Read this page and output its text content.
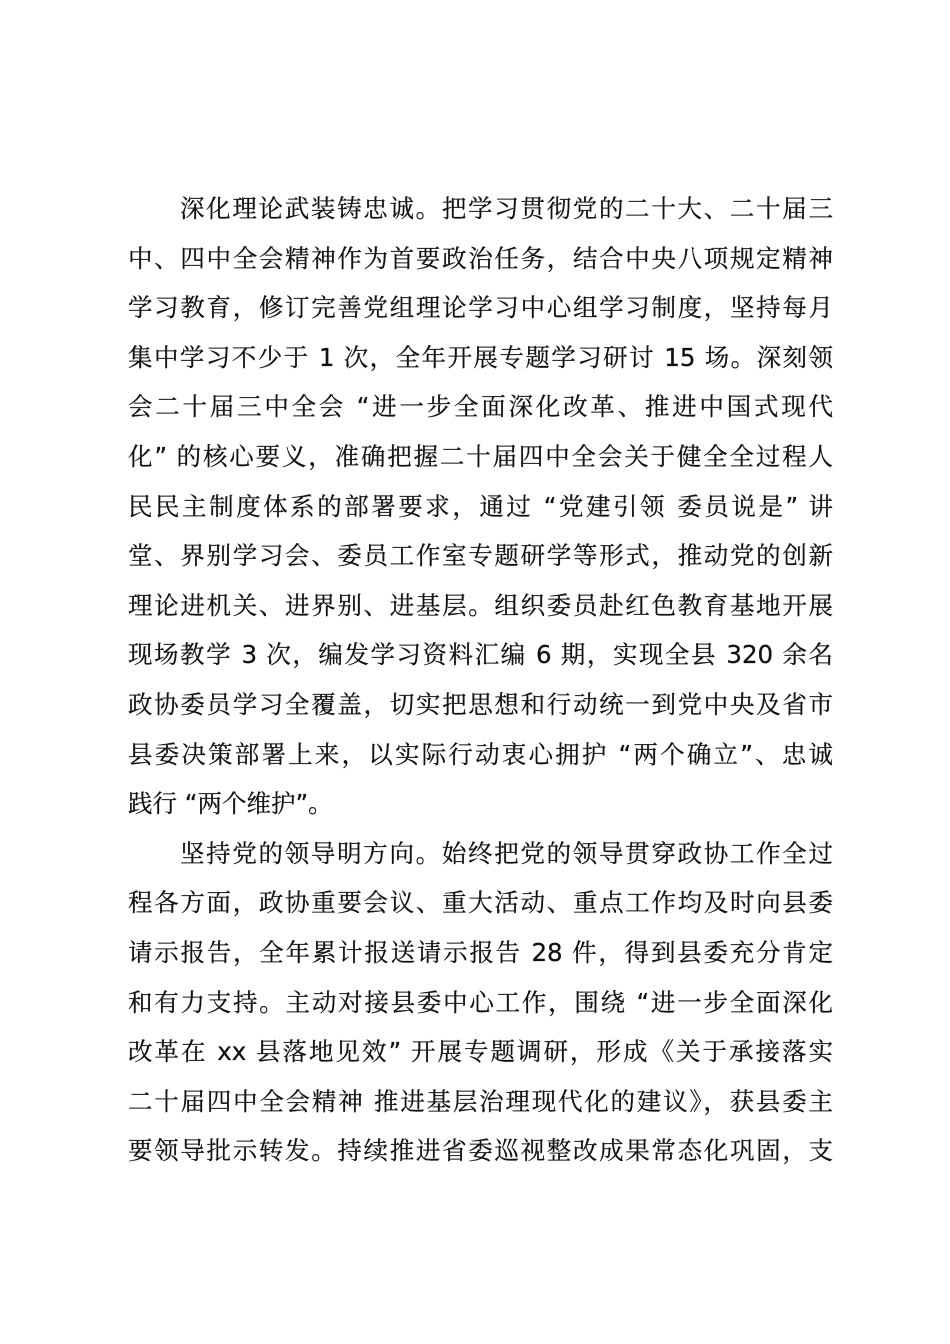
深化理论武装铸忠诚。把学习贯彻党的二十大、二十届三
中、四中全会精神作为首要政治任务，结合中央八项规定精神
学习教育，修订完善党组理论学习中心组学习制度，坚持每月
集中学习不少于 1 次，全年开展专题学习研讨 15 场。深刻领
会二十届三中全会 “进一步全面深化改革、推进中国式现代
化” 的核心要义，准确把握二十届四中全会关于健全全过程人
民民主制度体系的部署要求，通过 “党建引领 委员说是” 讲
堂、界别学习会、委员工作室专题研学等形式，推动党的创新
理论进机关、进界别、进基层。组织委员赴红色教育基地开展
现场教学 3 次，编发学习资料汇编 6 期，实现全县 320 余名
政协委员学习全覆盖，切实把思想和行动统一到党中央及省市
县委决策部署上来，以实际行动衷心拥护 “两个确立”、忠诚
践行 “两个维护”。
坚持党的领导明方向。始终把党的领导贯穿政协工作全过
程各方面，政协重要会议、重大活动、重点工作均及时向县委
请示报告，全年累计报送请示报告 28 件，得到县委充分肯定
和有力支持。主动对接县委中心工作，围绕 “进一步全面深化
改革在 xx 县落地见效” 开展专题调研，形成《关于承接落实
二十届四中全会精神 推进基层治理现代化的建议》，获县委主
要领导批示转发。持续推进省委巡视整改成果常态化巩固，支
